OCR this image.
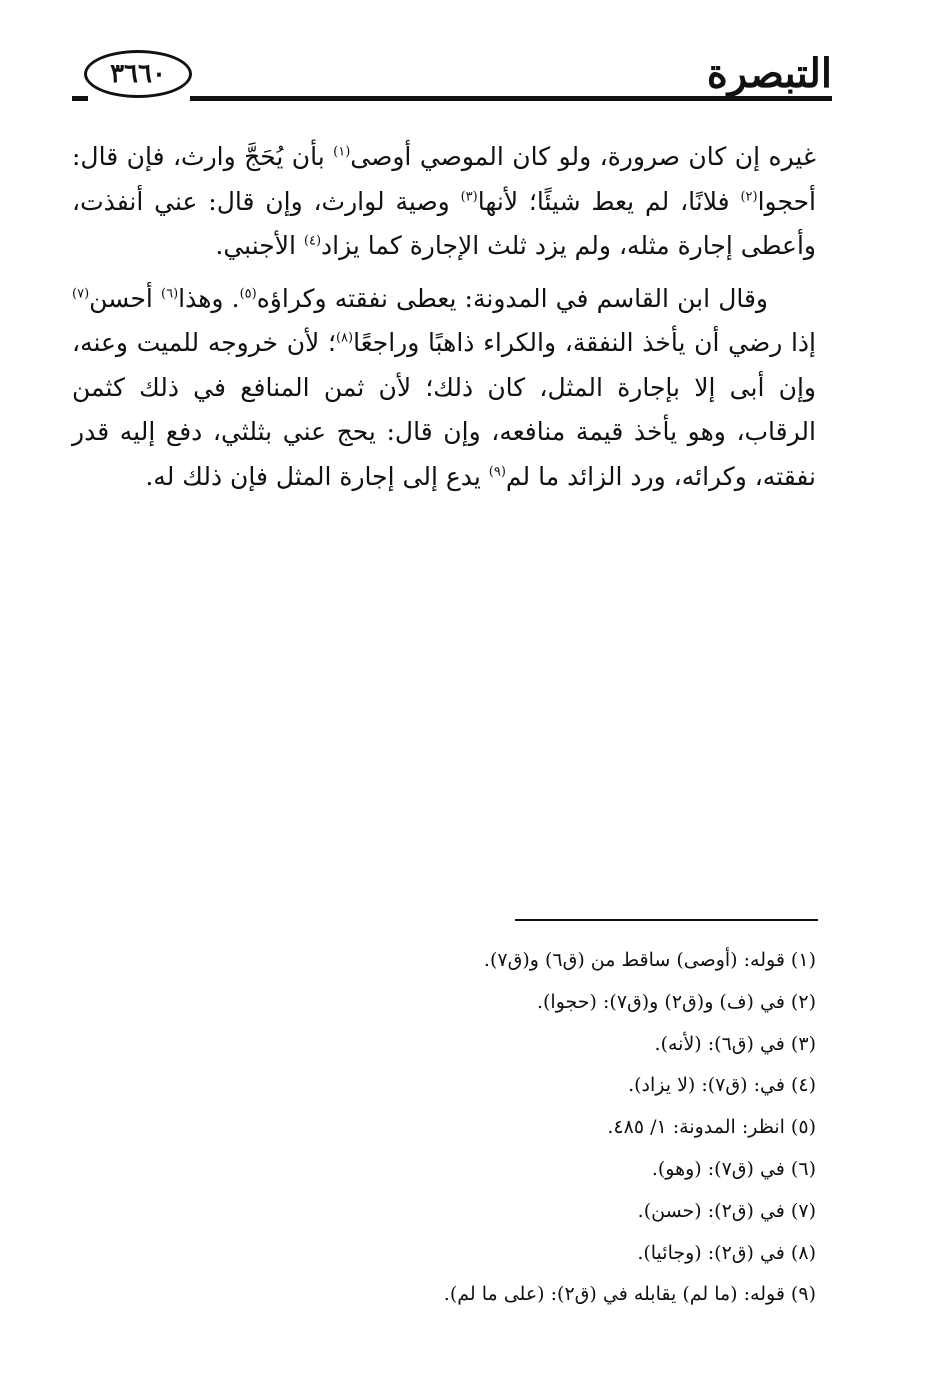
التبصرة
٣٦٦٠

غيره إن كان صرورة، ولو كان الموصي أوصى$^{(١)}$ بأن يُحَجَّ وارث، فإن قال: أحجوا$^{(٢)}$ فلانًا، لم يعط شيئًا؛ لأنها$^{(٣)}$ وصية لوارث، وإن قال: عني أنفذت، وأعطى إجارة مثله، ولم يزد ثلث الإجارة كما يزاد$^{(٤)}$ الأجنبي.

وقال ابن القاسم في المدونة: يعطى نفقته وكراؤه$^{(٥)}$. وهذا$^{(٦)}$ أحسن$^{(٧)}$ إذا رضي أن يأخذ النفقة، والكراء ذاهبًا وراجعًا$^{(٨)}$؛ لأن خروجه للميت وعنه، وإن أبى إلا بإجارة المثل، كان ذلك؛ لأن ثمن المنافع في ذلك كثمن الرقاب، وهو يأخذ قيمة منافعه، وإن قال: يحج عني بثلثي، دفع إليه قدر نفقته، وكرائه، ورد الزائد ما لم$^{(٩)}$ يدع إلى إجارة المثل فإن ذلك له.

(١) قوله: (أوصى) ساقط من (ق٦) و(ق٧).
(٢) في (ف) و(ق٢) و(ق٧): (حجوا).
(٣) في (ق٦): (لأنه).
(٤) في: (ق٧): (لا يزاد).
(٥) انظر: المدونة: ١/ ٤٨٥.
(٦) في (ق٧): (وهو).
(٧) في (ق٢): (حسن).
(٨) في (ق٢): (وجائيا).
(٩) قوله: (ما لم) يقابله في (ق٢): (على ما لم).
